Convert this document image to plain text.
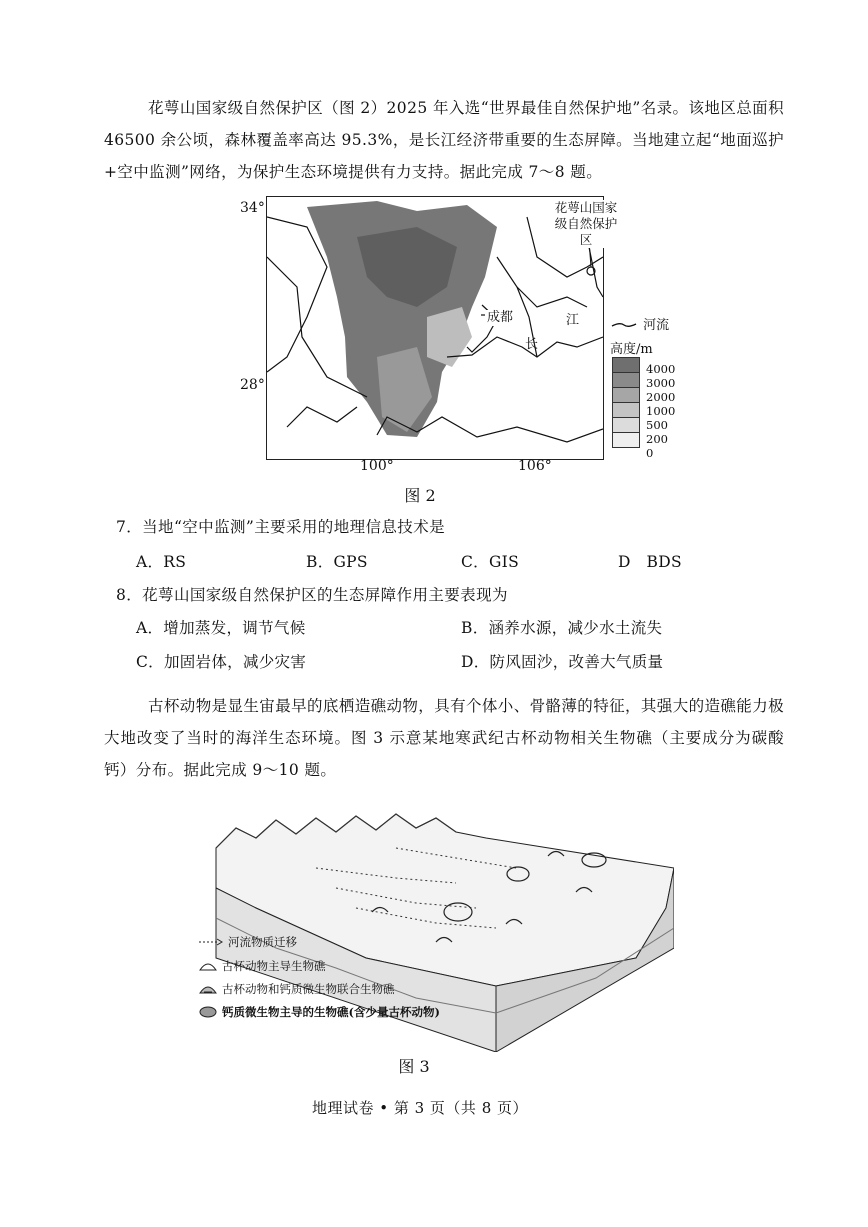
花萼山国家级自然保护区（图 2）2025 年入选“世界最佳自然保护地”名录。该地区总面积 46500 余公顷，森林覆盖率高达 95.3%，是长江经济带重要的生态屏障。当地建立起“地面巡护+空中监测”网络，为保护生态环境提供有力支持。据此完成 7～8 题。

34°
28°
花萼山国家级自然保护区
成都	江
长
100°	106°
河流
高度/m
4000
3000
2000
1000
500
200
0
图 2
7．当地“空中监测”主要采用的地理信息技术是
A．RS	B．GPS	C．GIS	D　BDS
8．花萼山国家级自然保护区的生态屏障作用主要表现为
A．增加蒸发，调节气候	B．涵养水源，减少水土流失
C．加固岩体，减少灾害	D．防风固沙，改善大气质量

古杯动物是显生宙最早的底栖造礁动物，具有个体小、骨骼薄的特征，其强大的造礁能力极大地改变了当时的海洋生态环境。图 3 示意某地寒武纪古杯动物相关生物礁（主要成分为碳酸钙）分布。据此完成 9～10 题。

河流物质迁移
古杯动物主导生物礁
古杯动物和钙质微生物联合生物礁
钙质微生物主导的生物礁(含少量古杯动物)
图 3
地理试卷 • 第 3 页（共 8 页）
